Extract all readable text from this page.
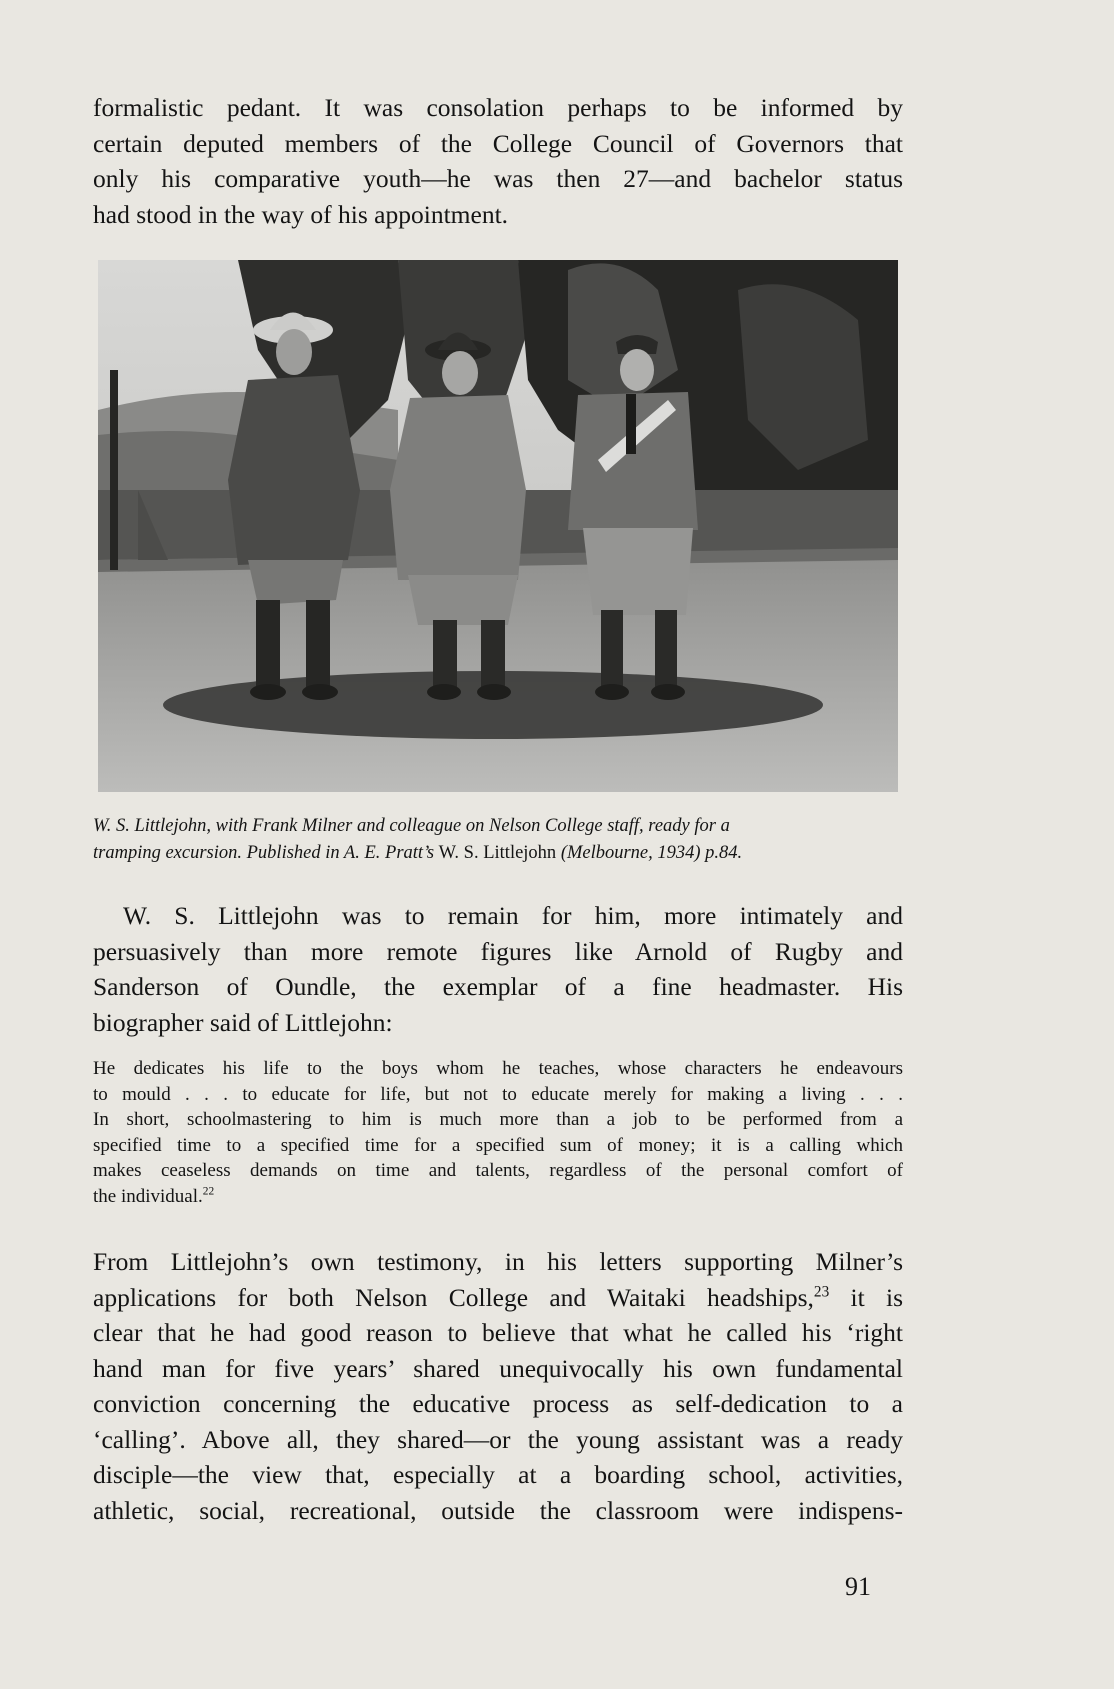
formalistic pedant. It was consolation perhaps to be informed by
certain deputed members of the College Council of Governors that
only his comparative youth—he was then 27—and bachelor status
had stood in the way of his appointment.

W. S. Littlejohn, with Frank Milner and colleague on Nelson College staff, ready for a
tramping excursion. Published in A. E. Pratt’s W. S. Littlejohn (Melbourne, 1934) p.84.

W. S. Littlejohn was to remain for him, more intimately and
persuasively than more remote figures like Arnold of Rugby and
Sanderson of Oundle, the exemplar of a fine headmaster. His
biographer said of Littlejohn:

He dedicates his life to the boys whom he teaches, whose characters he endeavours
to mould . . . to educate for life, but not to educate merely for making a living . . .
In short, schoolmastering to him is much more than a job to be performed from a
specified time to a specified time for a specified sum of money; it is a calling which
makes ceaseless demands on time and talents, regardless of the personal comfort of
the individual.$^{22}$

From Littlejohn’s own testimony, in his letters supporting Milner’s
applications for both Nelson College and Waitaki headships,$^{23}$ it is
clear that he had good reason to believe that what he called his ‘right
hand man for five years’ shared unequivocally his own fundamental
conviction concerning the educative process as self-dedication to a
‘calling’. Above all, they shared—or the young assistant was a ready
disciple—the view that, especially at a boarding school, activities,
athletic, social, recreational, outside the classroom were indispens-

91
